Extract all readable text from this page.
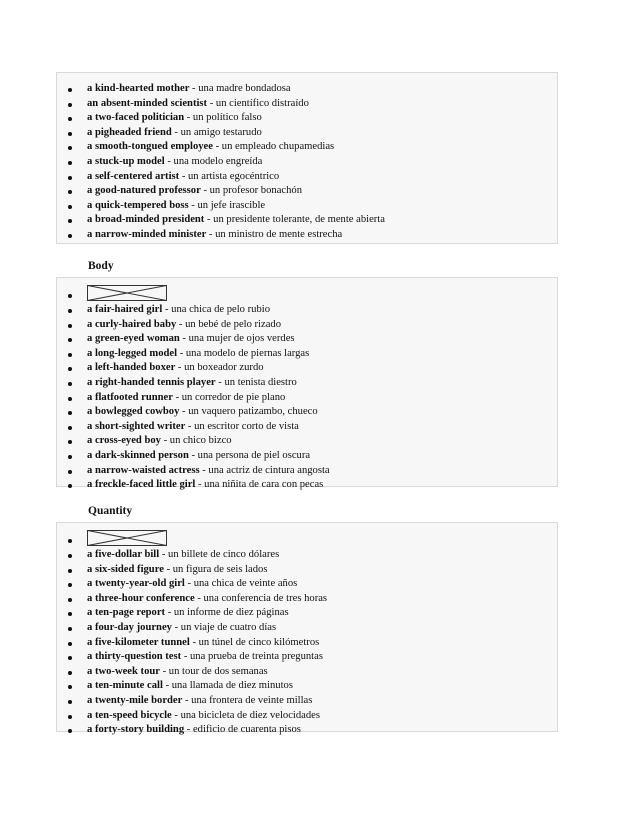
a kind-hearted mother - una madre bondadosa
an absent-minded scientist - un científico distraído
a two-faced politician - un político falso
a pigheaded friend - un amigo testarudo
a smooth-tongued employee - un empleado chupamedias
a stuck-up model - una modelo engreída
a self-centered artist - un artista egocéntrico
a good-natured professor - un profesor bonachón
a quick-tempered boss - un jefe irascible
a broad-minded president - un presidente tolerante, de mente abierta
a narrow-minded minister - un ministro de mente estrecha
Body
a fair-haired girl - una chica de pelo rubio
a curly-haired baby - un bebé de pelo rizado
a green-eyed woman - una mujer de ojos verdes
a long-legged model - una modelo de piernas largas
a left-handed boxer - un boxeador zurdo
a right-handed tennis player - un tenista diestro
a flatfooted runner - un corredor de pie plano
a bowlegged cowboy - un vaquero patizambo, chueco
a short-sighted writer - un escritor corto de vista
a cross-eyed boy - un chico bizco
a dark-skinned person - una persona de piel oscura
a narrow-waisted actress - una actriz de cintura angosta
a freckle-faced little girl - una niñita de cara con pecas
Quantity
a five-dollar bill - un billete de cinco dólares
a six-sided figure - un figura de seis lados
a twenty-year-old girl - una chica de veinte años
a three-hour conference - una conferencia de tres horas
a ten-page report - un informe de diez páginas
a four-day journey - un viaje de cuatro días
a five-kilometer tunnel - un túnel de cinco kilómetros
a thirty-question test - una prueba de treinta preguntas
a two-week tour - un tour de dos semanas
a ten-minute call - una llamada de diez minutos
a twenty-mile border - una frontera de veinte millas
a ten-speed bicycle - una bicicleta de diez velocidades
a forty-story building - edificio de cuarenta pisos
